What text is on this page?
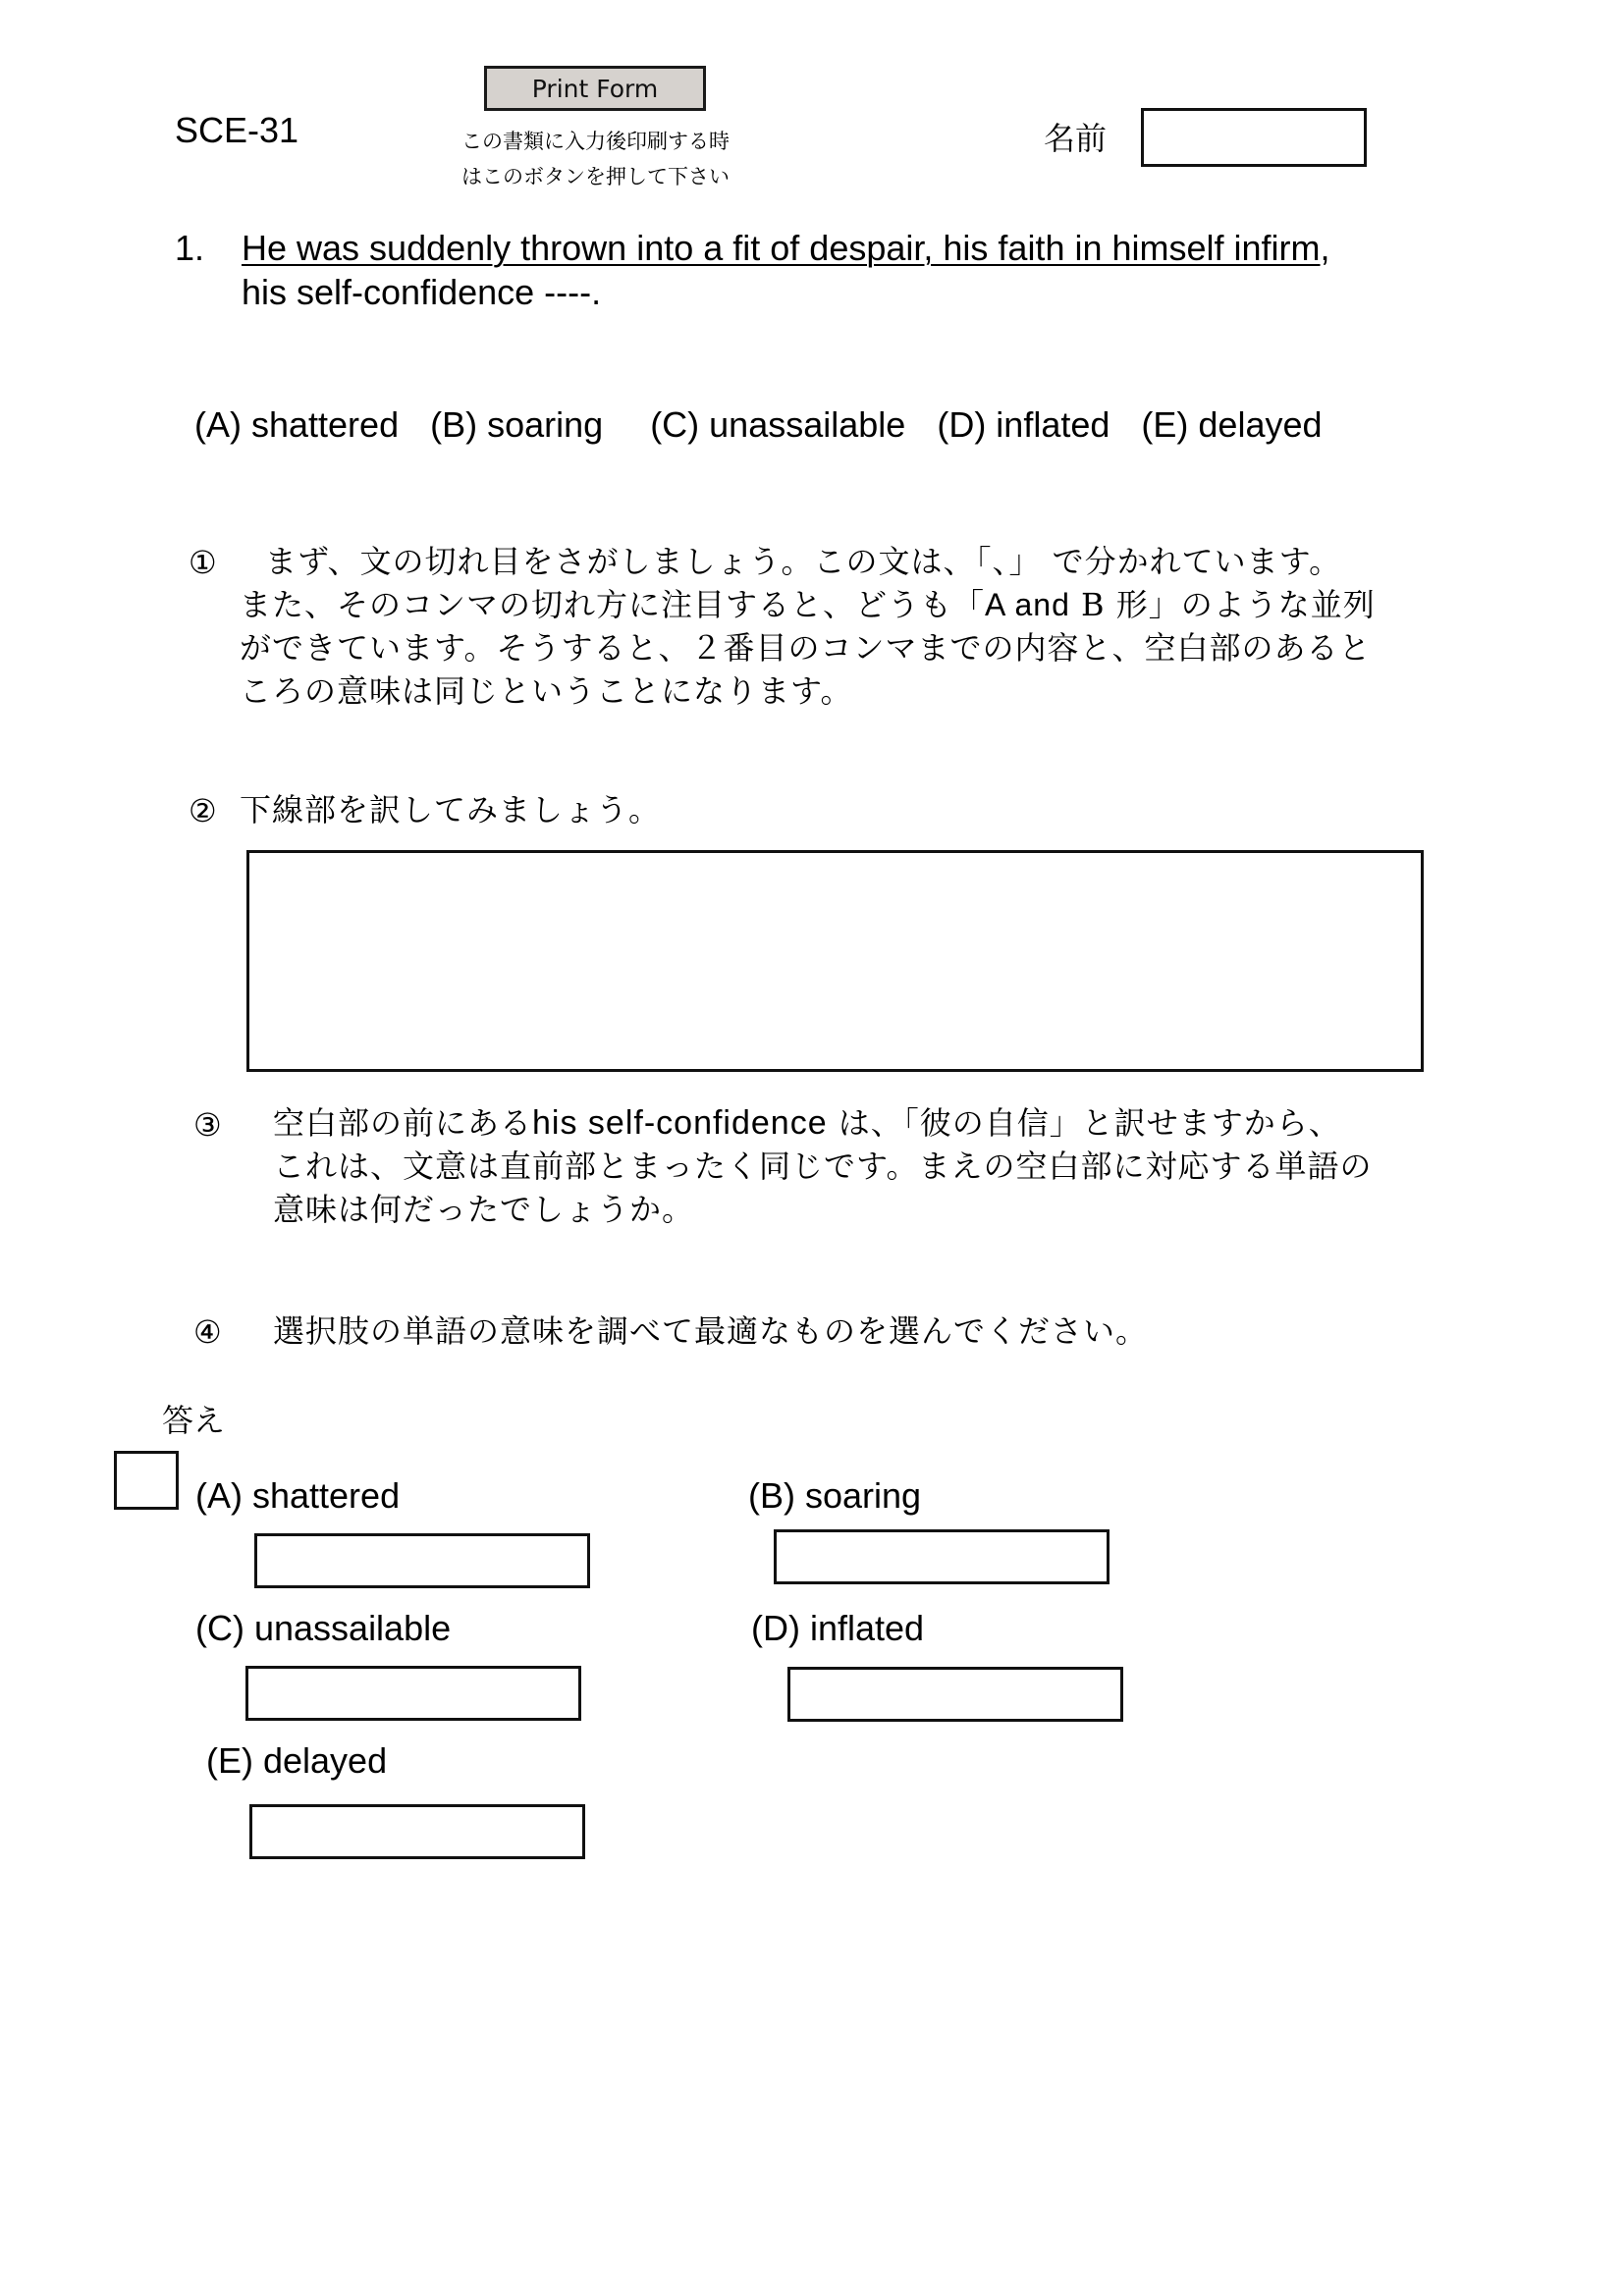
SCE-31
Print Form
この書類に入力後印刷する時
はこのボタンを押して下さい
名前
1. He was suddenly thrown into a fit of despair, his faith in himself infirm,
his self-confidence ----.
(A) shattered (B) soaring (C) unassailable (D) inflated (E) delayed
①	まず、文の切れ目をさがしましょう。この文は、「、」 で分かれています。
また、そのコンマの切れ方に注目すると、どうも「A and B 形」のような並列
ができています。そうすると、２番目のコンマまでの内容と、空白部のあると
ころの意味は同じということになります。
② 下線部を訳してみましょう。
③ 空白部の前にあるhis self-confidence は、「彼の自信」と訳せますから、
これは、文意は直前部とまったく同じです。まえの空白部に対応する単語の
意味は何だったでしょうか。
④ 選択肢の単語の意味を調べて最適なものを選んでください。
答え
(A) shattered	(B) soaring
(C) unassailable	(D) inflated
(E) delayed
